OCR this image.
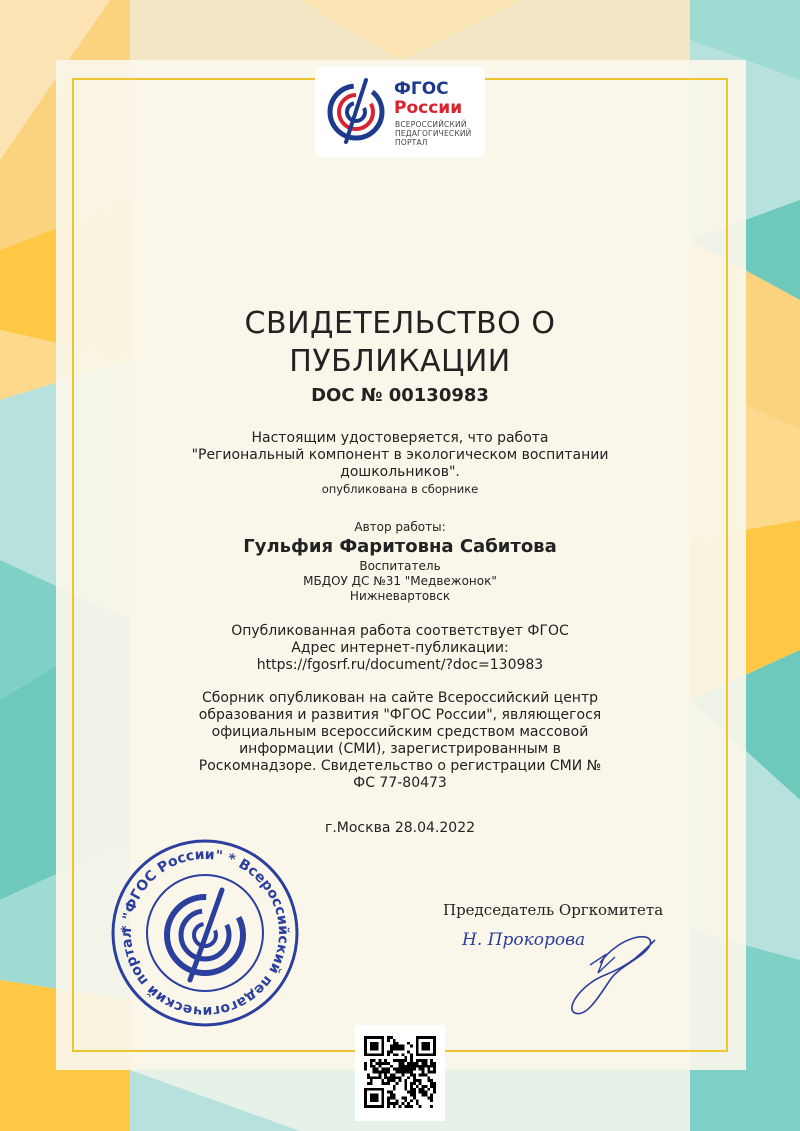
ФГОС
России
ВСЕРОССИЙСКИЙ
ПЕДАГОГИЧЕСКИЙ
ПОРТАЛ
СВИДЕТЕЛЬСТВО О
ПУБЛИКАЦИИ
DOC № 00130983
Настоящим удостоверяется, что работа
"Региональный компонент в экологическом воспитании
дошкольников".
опубликована в сборнике
Автор работы:
Гульфия Фаритовна Сабитова
Воспитатель
МБДОУ ДС №31 "Медвежонок"
Нижневартовск
Опубликованная работа соответствует ФГОС
Адрес интернет-публикации:
https://fgosrf.ru/document/?doc=130983
Сборник опубликован на сайте Всероссийский центр
образования и развития "ФГОС России", являющегося
официальным всероссийским средством массовой
информации (СМИ), зарегистрированным в
Роскомнадзоре. Свидетельство о регистрации СМИ №
ФС 77-80473
г.Москва 28.04.2022
* "ФГОС России" * Всероссийский педагогический портал
Председатель Оргкомитета
Н. Прокорова
